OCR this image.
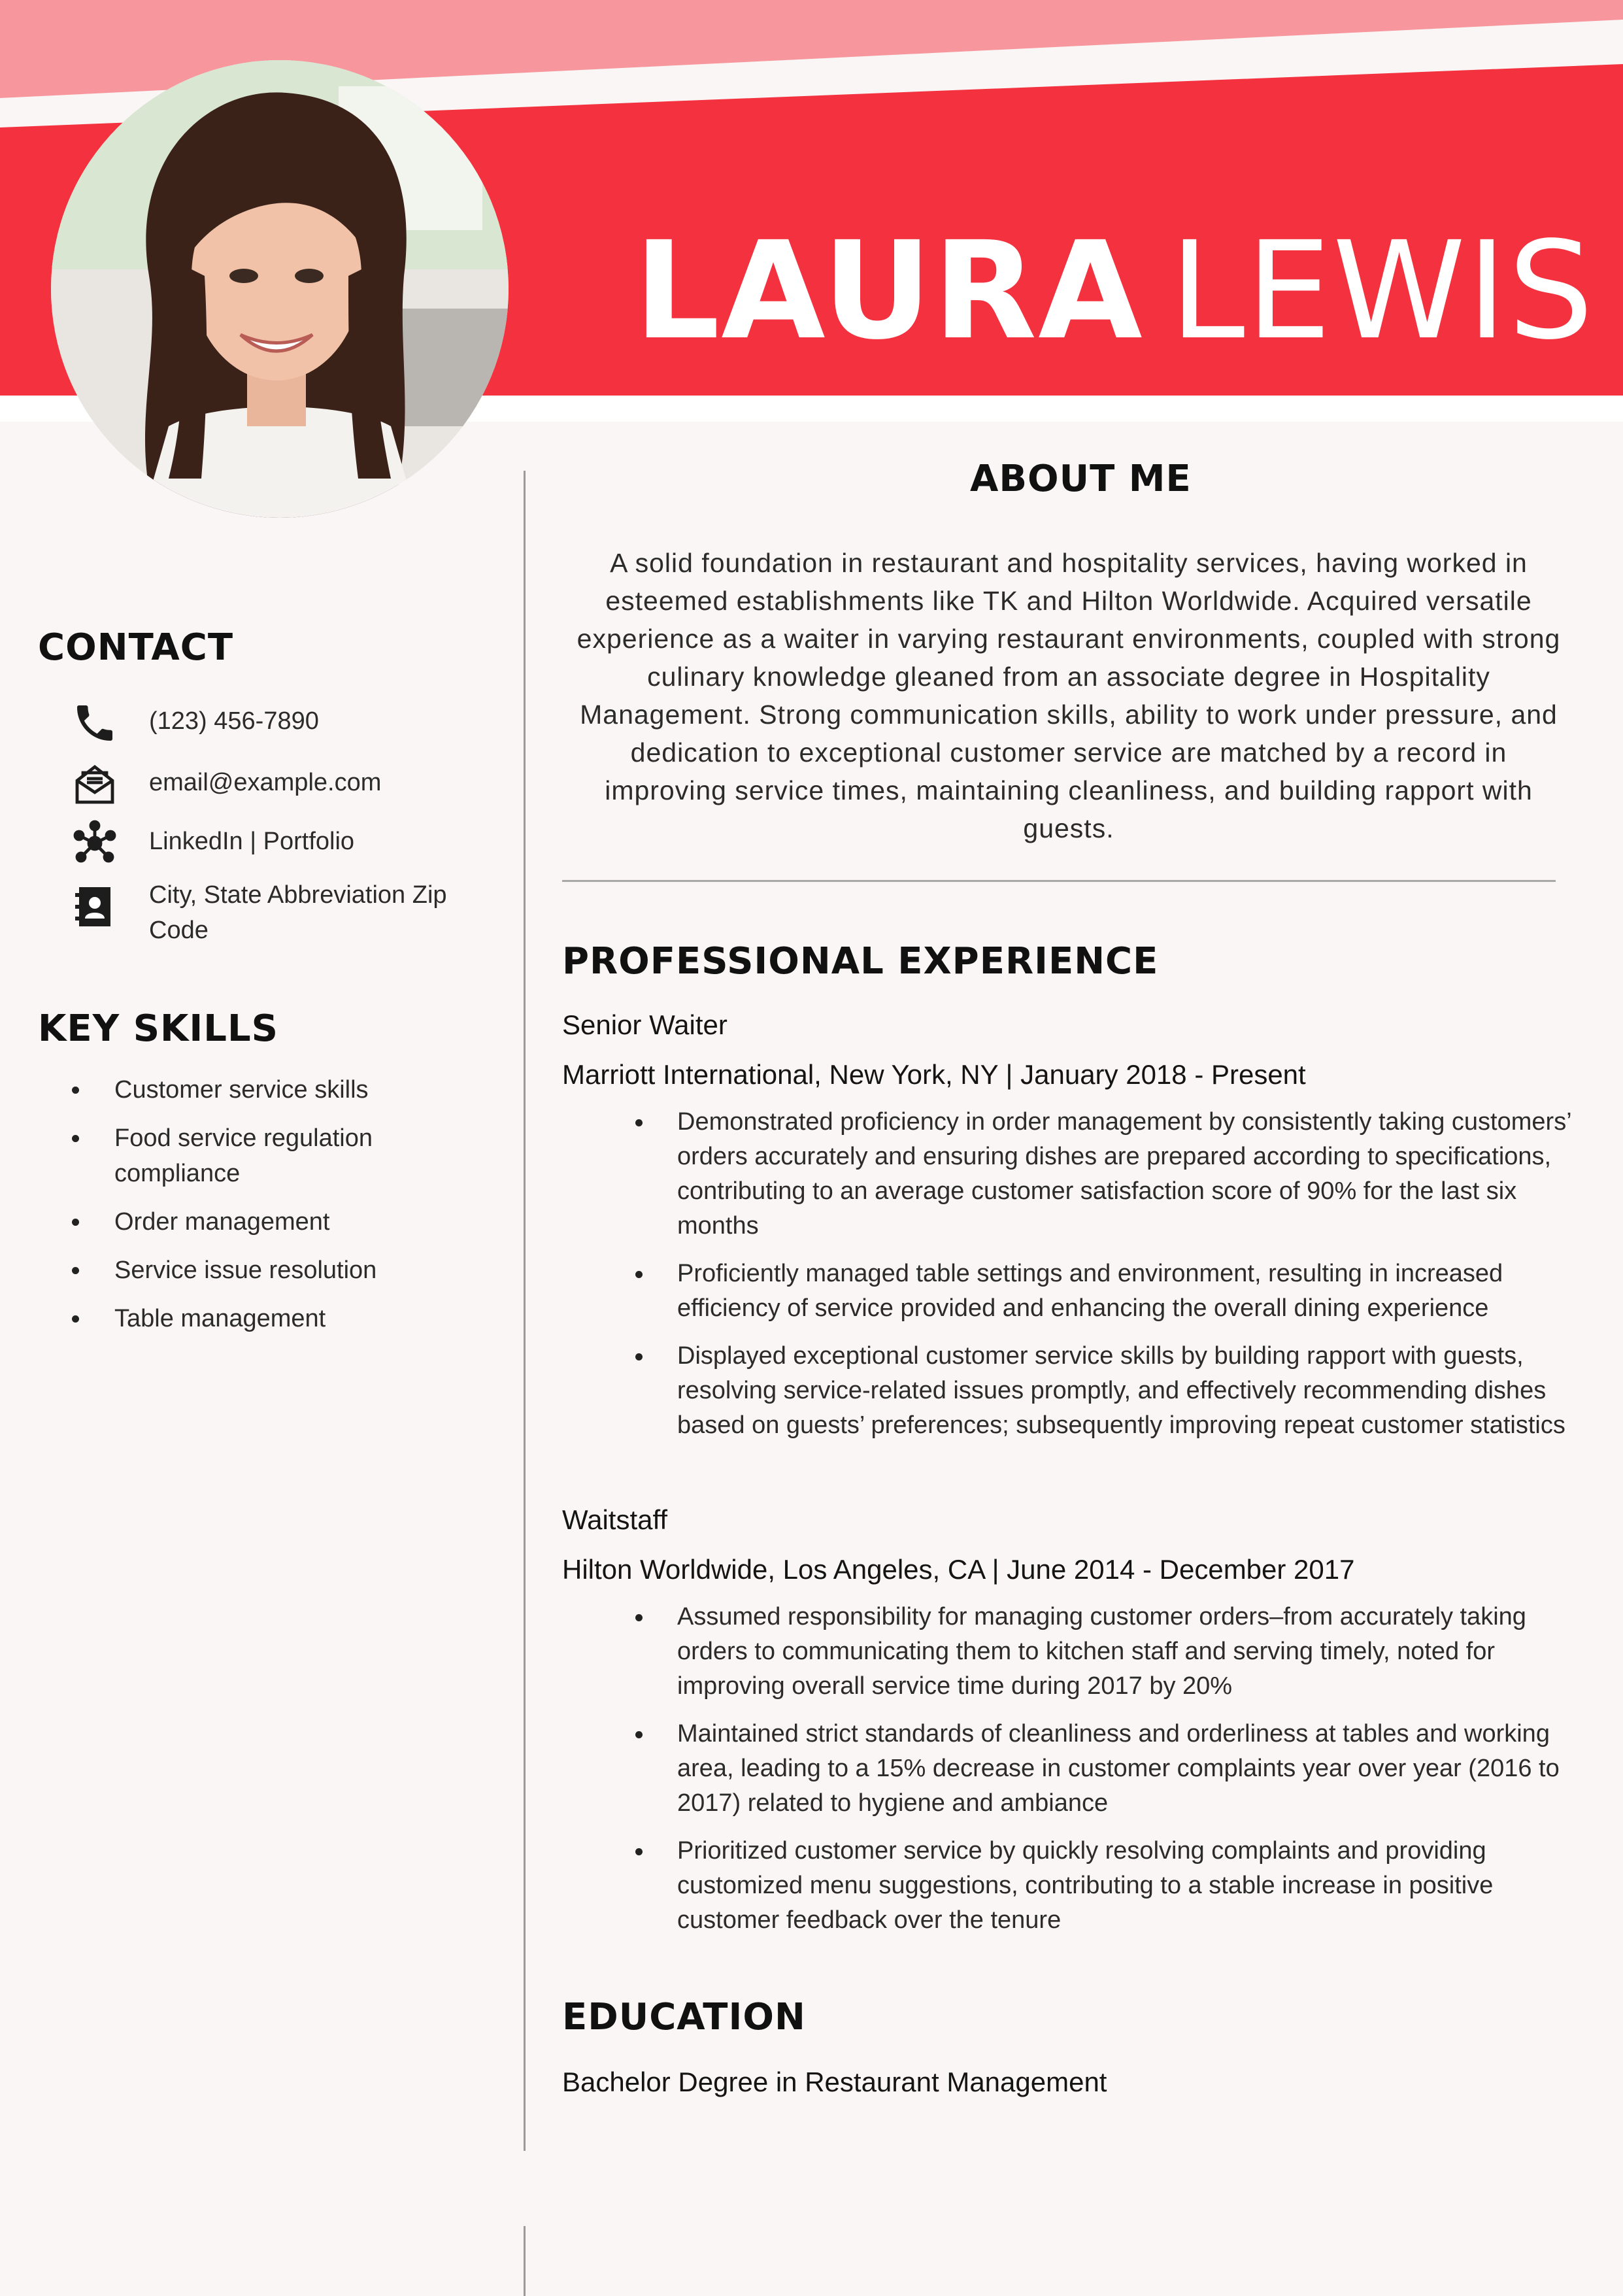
LAURA LEWIS
CONTACT
(123) 456-7890
email@example.com
LinkedIn | Portfolio
City, State Abbreviation Zip Code
KEY SKILLS
Customer service skills
Food service regulation compliance
Order management
Service issue resolution
Table management
ABOUT ME
A solid foundation in restaurant and hospitality services, having worked in esteemed establishments like TK and Hilton Worldwide. Acquired versatile experience as a waiter in varying restaurant environments, coupled with strong culinary knowledge gleaned from an associate degree in Hospitality Management. Strong communication skills, ability to work under pressure, and dedication to exceptional customer service are matched by a record in improving service times, maintaining cleanliness, and building rapport with guests.
PROFESSIONAL EXPERIENCE
Senior Waiter
Marriott International, New York, NY | January 2018 - Present
Demonstrated proficiency in order management by consistently taking customers’ orders accurately and ensuring dishes are prepared according to specifications, contributing to an average customer satisfaction score of 90% for the last six months
Proficiently managed table settings and environment, resulting in increased efficiency of service provided and enhancing the overall dining experience
Displayed exceptional customer service skills by building rapport with guests, resolving service-related issues promptly, and effectively recommending dishes based on guests’ preferences; subsequently improving repeat customer statistics
Waitstaff
Hilton Worldwide, Los Angeles, CA | June 2014 - December 2017
Assumed responsibility for managing customer orders–from accurately taking orders to communicating them to kitchen staff and serving timely, noted for improving overall service time during 2017 by 20%
Maintained strict standards of cleanliness and orderliness at tables and working area, leading to a 15% decrease in customer complaints year over year (2016 to 2017) related to hygiene and ambiance
Prioritized customer service by quickly resolving complaints and providing customized menu suggestions, contributing to a stable increase in positive customer feedback over the tenure
EDUCATION
Bachelor Degree in Restaurant Management
